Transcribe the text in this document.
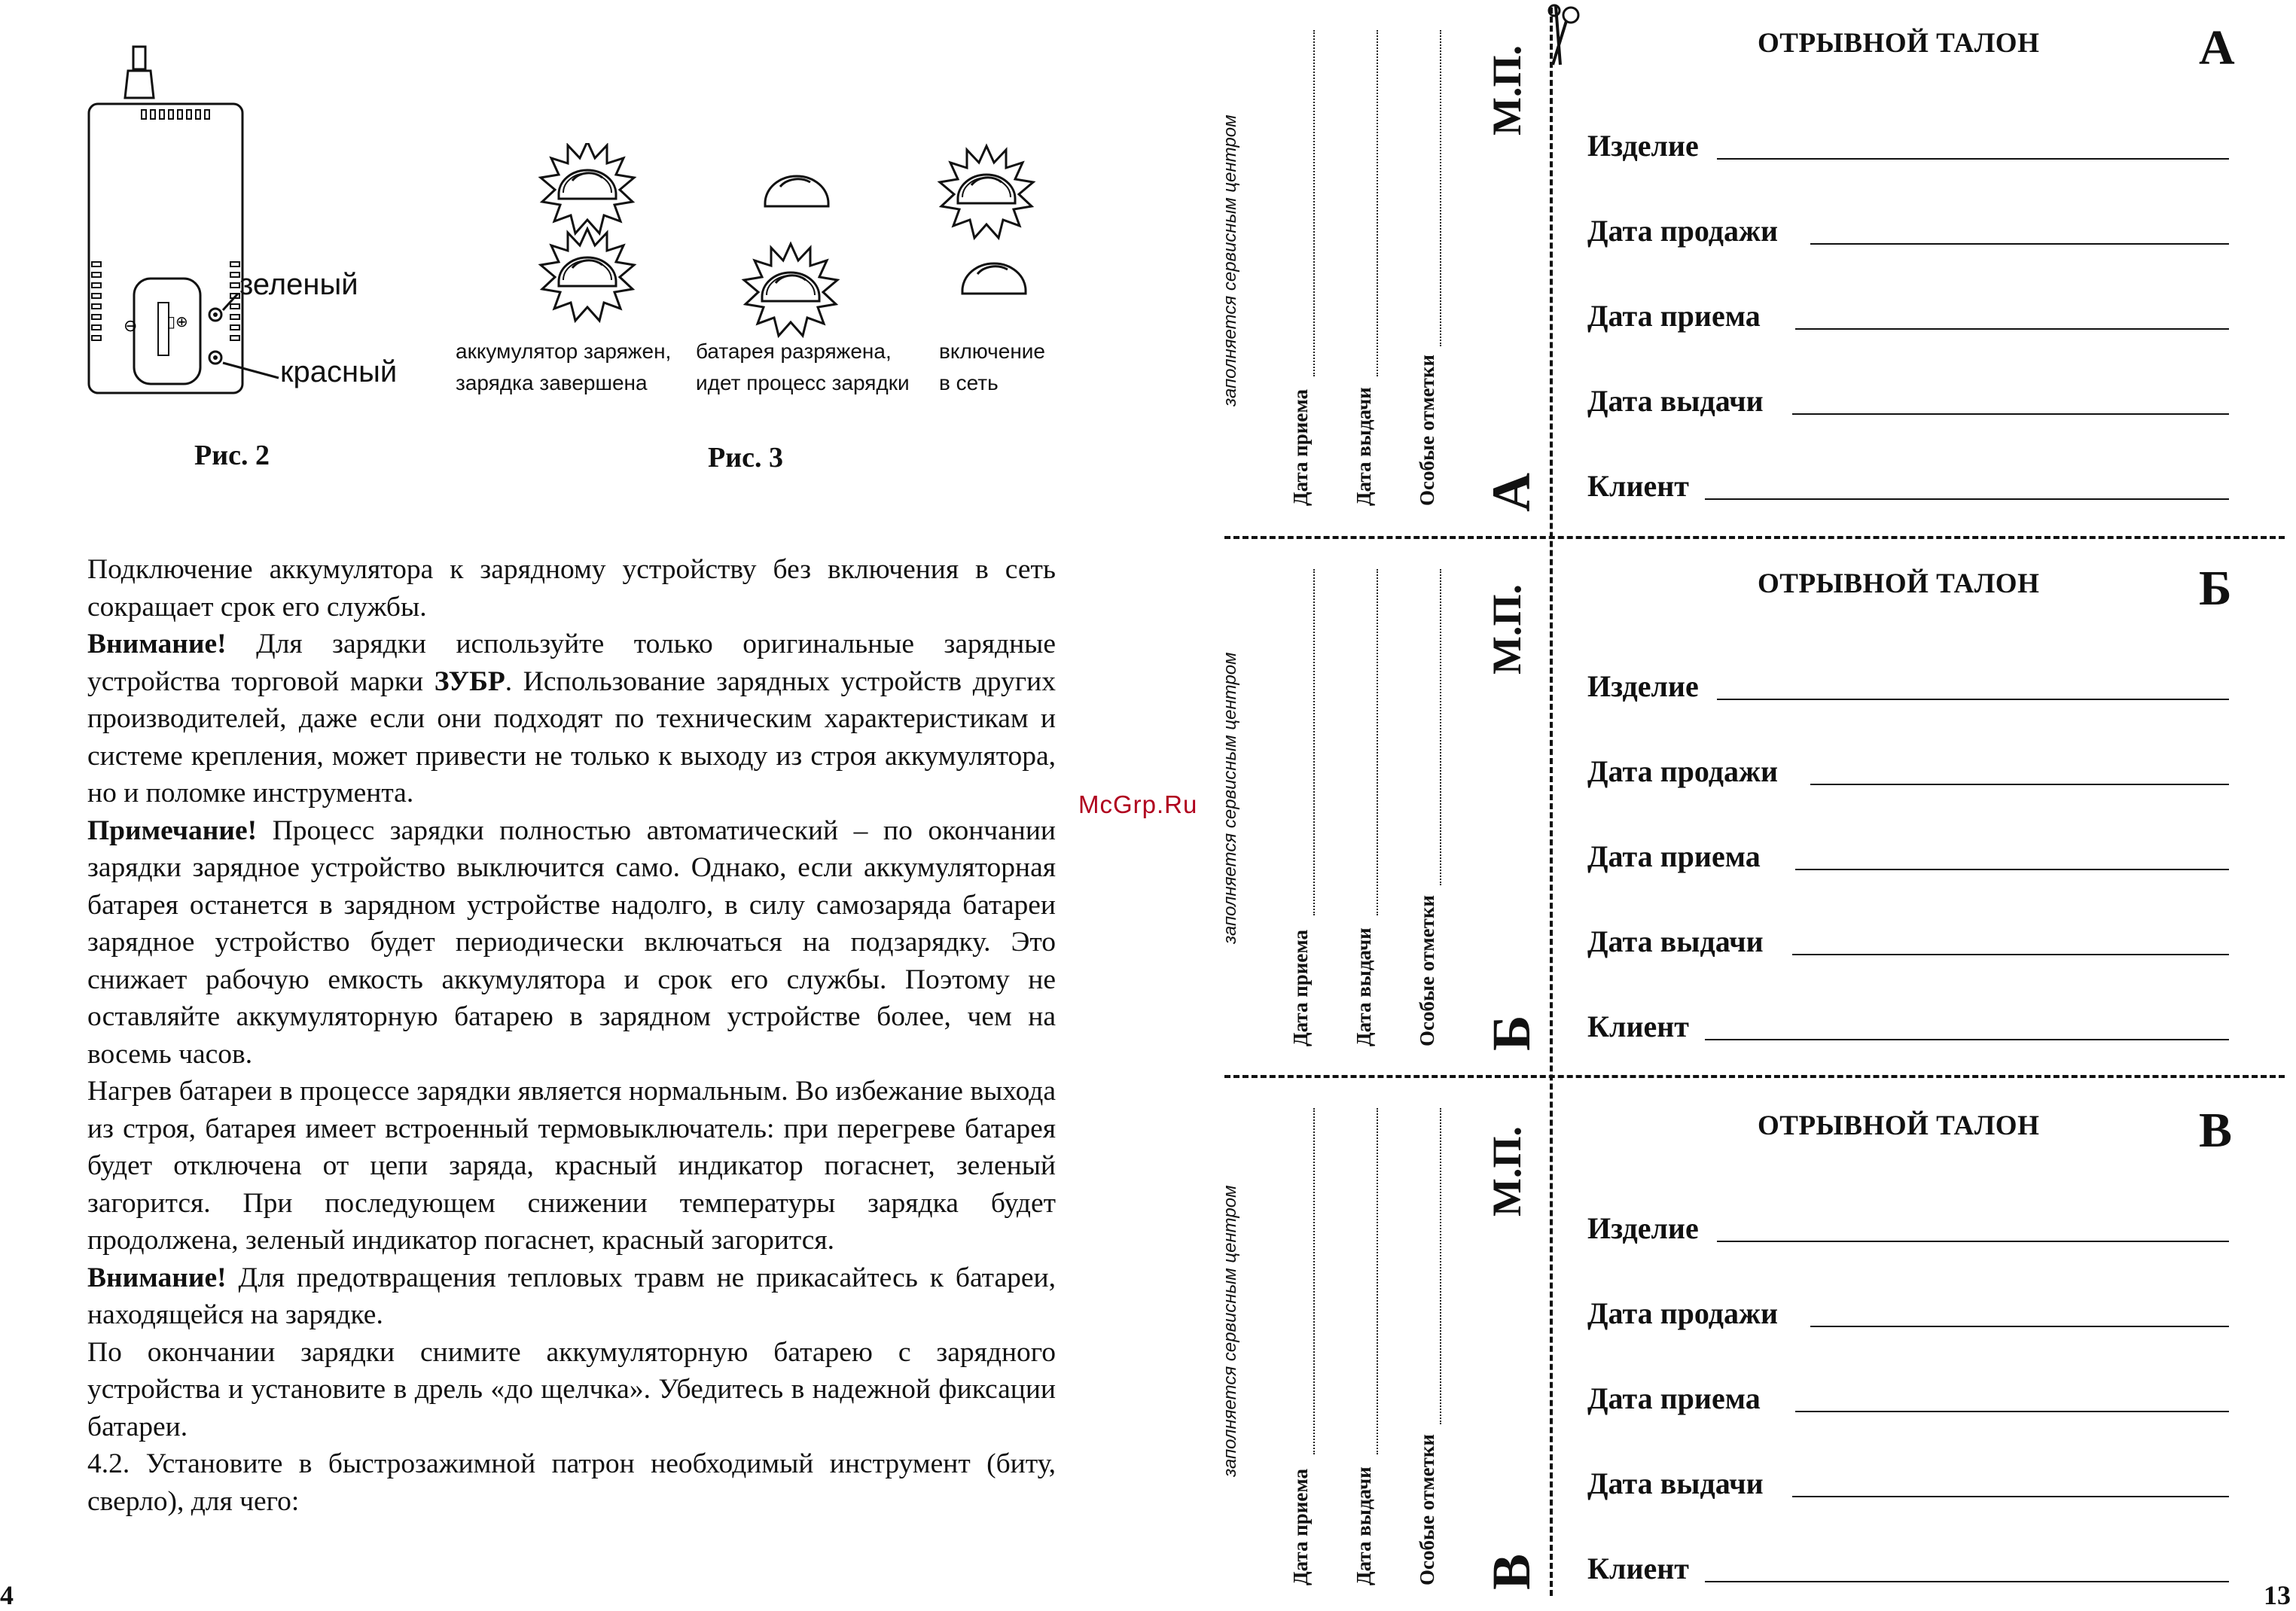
⊖ ▯⊕
зеленый
красный
Рис. 2
аккумулятор заряжен,
зарядка завершена
батарея разряжена,
идет процесс зарядки
включение
в сеть
Рис. 3

Подключение аккумулятора к зарядному устройству без включения в сеть сокращает срок его службы.

Внимание! Для зарядки используйте только оригинальные зарядные устройства торговой марки ЗУБР. Использование зарядных устройств других производителей, даже если они подходят по техническим характеристикам и системе крепления, может привести не только к выходу из строя аккумулятора, но и поломке инструмента.

Примечание! Процесс зарядки полностью автоматический – по окончании зарядки зарядное устройство выключится само. Однако, если аккумуляторная батарея останется в зарядном устройстве надолго, в силу самозаряда батареи зарядное устройство будет периодически включаться на подзарядку. Это снижает рабочую емкость аккумулятора и срок его службы. Поэтому не оставляйте аккумуляторную батарею в зарядном устройстве более, чем на восемь часов.

Нагрев батареи в процессе зарядки является нормальным. Во избежание выхода из строя, батарея имеет встроенный термовыключатель: при перегреве батарея будет отключена от цепи заряда, красный индикатор погаснет, зеленый загорится. При последующем снижении температуры зарядка будет продолжена, зеленый индикатор погаснет, красный загорится.

Внимание! Для предотвращения тепловых травм не прикасайтесь к батареи, находящейся на зарядке.

По окончании зарядки снимите аккумуляторную батарею с зарядного устройства и установите в дрель «до щелчка». Убедитесь в надежной фиксации батареи.

4.2. Установите в быстрозажимной патрон необходимый инструмент (биту, сверло), для чего:

McGrp.Ru
4	13
ОТРЫВНОЙ ТАЛОН	А
Изделие
Дата продажи
Дата приема
Дата выдачи
Клиент
заполняется сервисным центром
Дата приема Дата выдачи Особые отметки
М.П.
А
ОТРЫВНОЙ ТАЛОН	Б
Изделие
Дата продажи
Дата приема
Дата выдачи
Клиент
заполняется сервисным центром
Дата приема Дата выдачи Особые отметки
М.П.
Б
ОТРЫВНОЙ ТАЛОН	В
Изделие
Дата продажи
Дата приема
Дата выдачи
Клиент
заполняется сервисным центром
Дата приема Дата выдачи Особые отметки
М.П.
В
